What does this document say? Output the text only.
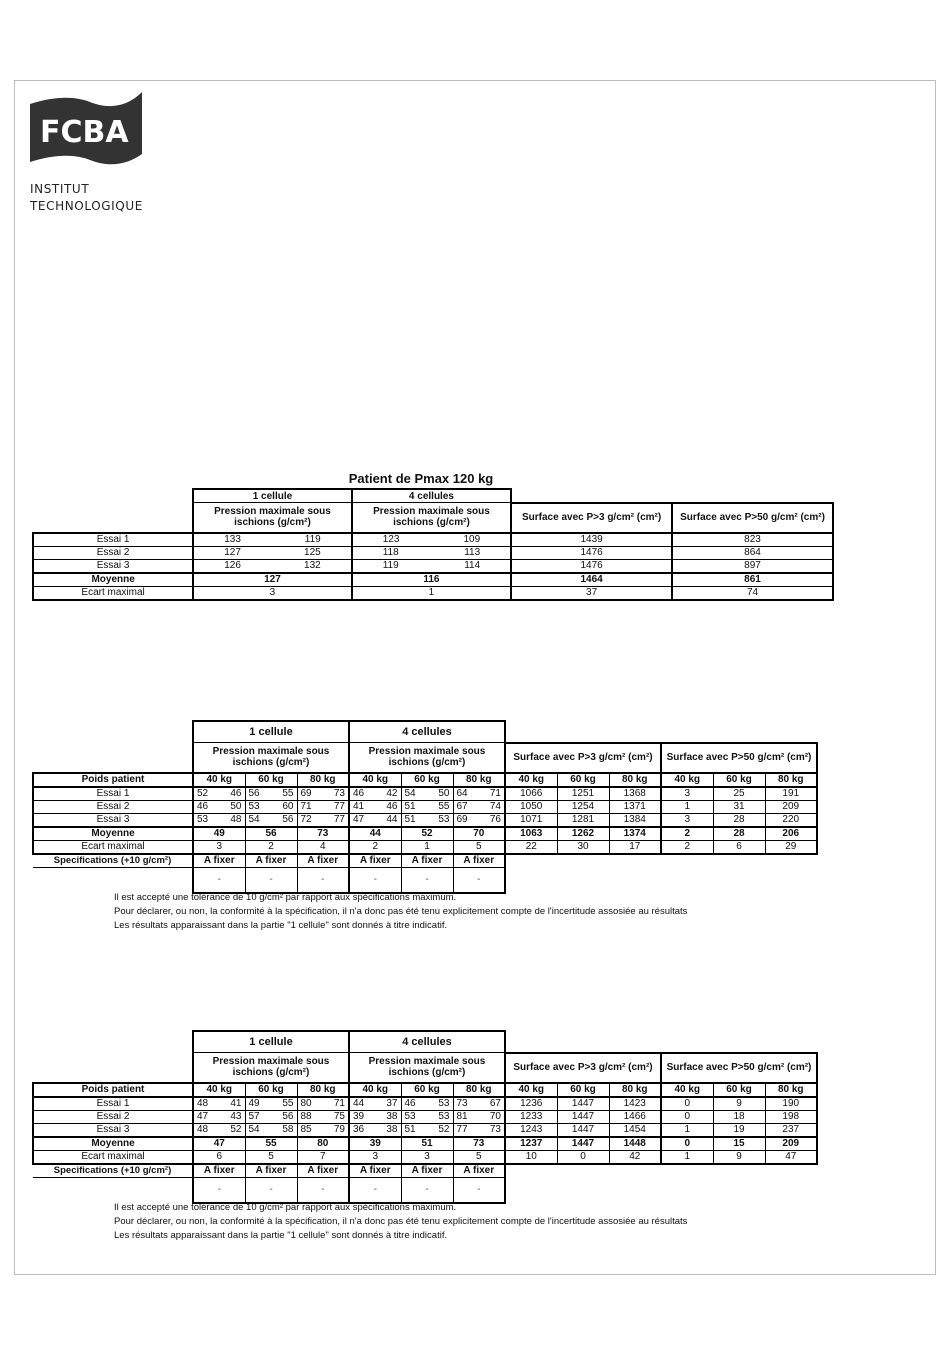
FCBA
INSTITUT
TECHNOLOGIQUE
Patient de Pmax 120 kg
	1 cellule		4 cellules			
	Pression maximale sous ischions (g/cm²)		Pression maximale sous ischions (g/cm²)		Surface avec P>3 g/cm² (cm²)	Surface avec P>50 g/cm² (cm²)
Essai 1	133	119	123	109	1439	823
Essai 2	127	125	118	113	1476	864
Essai 3	126	132	119	114	1476	897
Moyenne	127		116		1464	861
Ecart maximal	3		1		37	74
	1 cellule						4 cellules											
	Pression maximale sous ischions (g/cm²)						Pression maximale sous ischions (g/cm²)						Surface avec P>3 g/cm² (cm²)			Surface avec P>50 g/cm² (cm²)		
Poids patient	40 kg		60 kg		80 kg		40 kg		60 kg		80 kg		40 kg	60 kg	80 kg	40 kg	60 kg	80 kg
Essai 1	52	46	56	55	69	73	46	42	54	50	64	71	1066	1251	1368	3	25	191
Essai 2	46	50	53	60	71	77	41	46	51	55	67	74	1050	1254	1371	1	31	209
Essai 3	53	48	54	56	72	77	47	44	51	53	69	76	1071	1281	1384	3	28	220
Moyenne	49		56		73		44		52		70		1063	1262	1374	2	28	206
Ecart maximal	3		2		4		2		1		5		22	30	17	2	6	29
Specifications (+10 g/cm²)	A fixer		A fixer		A fixer		A fixer		A fixer		A fixer							
	-		-		-		-		-		-							
Il est accepté une tolérance de 10 g/cm² par rapport aux spécifications maximum.
Pour déclarer, ou non, la conformité à la spécification, il n'a donc pas été tenu explicitement compte de l'incertitude assosiée au résultats
Les résultats apparaissant dans la partie "1 cellule" sont donnés à titre indicatif.
	1 cellule						4 cellules											
	Pression maximale sous ischions (g/cm²)						Pression maximale sous ischions (g/cm²)						Surface avec P>3 g/cm² (cm²)			Surface avec P>50 g/cm² (cm²)		
Poids patient	40 kg		60 kg		80 kg		40 kg		60 kg		80 kg		40 kg	60 kg	80 kg	40 kg	60 kg	80 kg
Essai 1	48	41	49	55	80	71	44	37	46	53	73	67	1236	1447	1423	0	9	190
Essai 2	47	43	57	56	88	75	39	38	53	53	81	70	1233	1447	1466	0	18	198
Essai 3	48	52	54	58	85	79	36	38	51	52	77	73	1243	1447	1454	1	19	237
Moyenne	47		55		80		39		51		73		1237	1447	1448	0	15	209
Ecart maximal	6		5		7		3		3		5		10	0	42	1	9	47
Specifications (+10 g/cm²)	A fixer		A fixer		A fixer		A fixer		A fixer		A fixer							
	-		-		-		-		-		-							
Il est accepté une tolérance de 10 g/cm² par rapport aux spécifications maximum.
Pour déclarer, ou non, la conformité à la spécification, il n'a donc pas été tenu explicitement compte de l'incertitude assosiée au résultats
Les résultats apparaissant dans la partie "1 cellule" sont donnés à titre indicatif.
